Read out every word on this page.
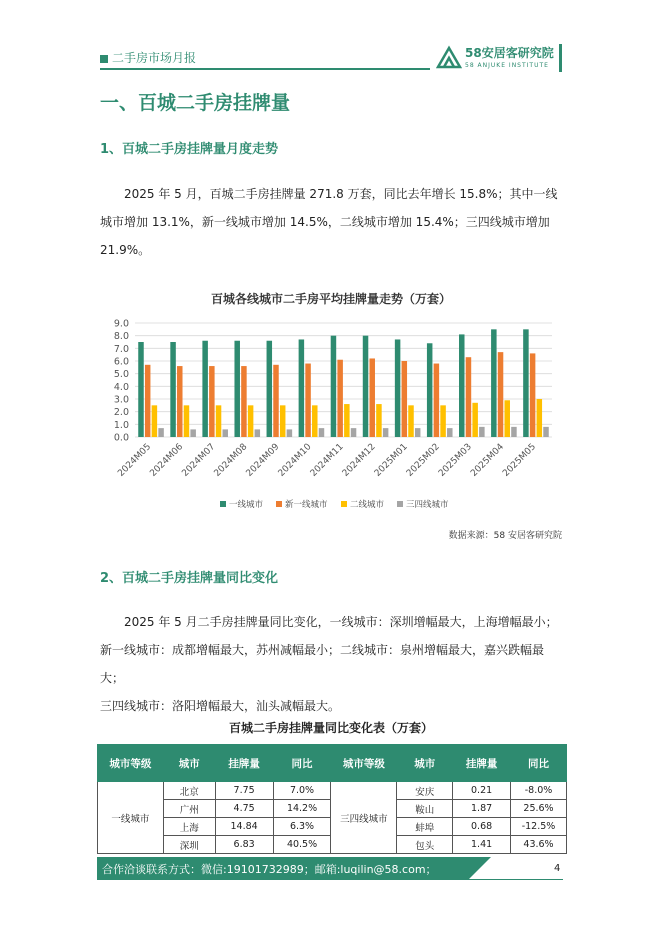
二手房市场月报	58安居客研究院
58 ANJUKE INSTITUTE
一、百城二手房挂牌量
1、百城二手房挂牌量月度走势

2025 年 5 月，百城二手房挂牌量 271.8 万套，同比去年增长 15.8%；其中一线

城市增加 13.1%，新一线城市增加 14.5%，二线城市增加 15.4%；三四线城市增加

21.9%。

百城各线城市二手房平均挂牌量走势（万套）
0.0
1.0
2.0
3.0
4.0
5.0
6.0
7.0
8.0
9.0
2024M05
2024M06
2024M07
2024M08
2024M09
2024M10
2024M11
2024M12
2025M01
2025M02
2025M03
2025M04
2025M05
一线城市	新一线城市	二线城市	三四线城市
数据来源：58 安居客研究院
2、百城二手房挂牌量同比变化

2025 年 5 月二手房挂牌量同比变化，一线城市：深圳增幅最大，上海增幅最小；

新一线城市：成都增幅最大，苏州减幅最小；二线城市：泉州增幅最大，嘉兴跌幅最大；

三四线城市：洛阳增幅最大，汕头减幅最大。

百城二手房挂牌量同比变化表（万套）
城市等级	城市	挂牌量	同比	城市等级	城市	挂牌量	同比
一线城市	北京	7.75	7.0%	三四线城市	安庆	0.21	-8.0%
	广州	4.75	14.2%		鞍山	1.87	25.6%
	上海	14.84	6.3%		蚌埠	0.68	-12.5%
	深圳	6.83	40.5%		包头	1.41	43.6%
合作洽谈联系方式：微信:19101732989；邮箱:luqilin@58.com；	4
